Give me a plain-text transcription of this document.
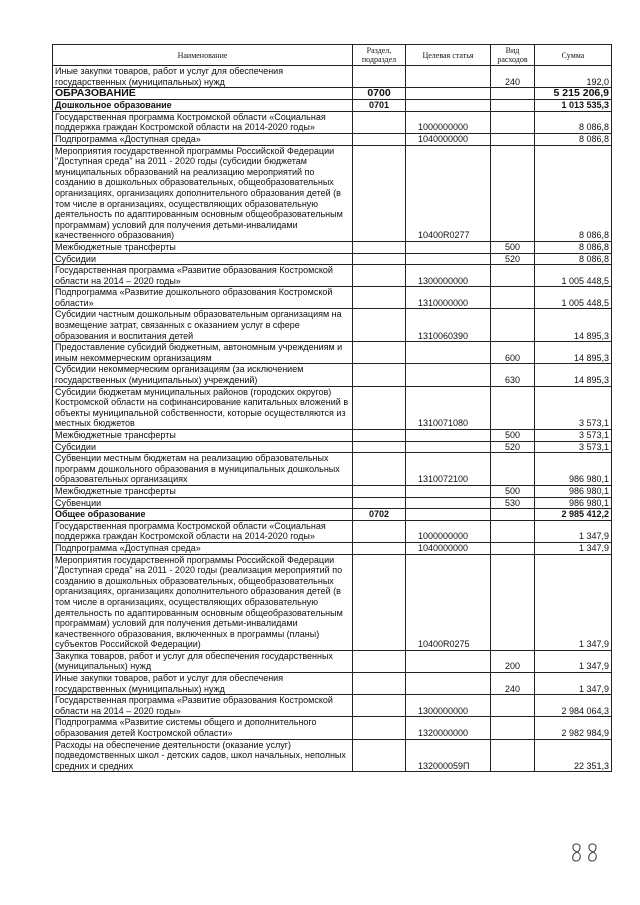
Наименование	Раздел, подраздел	Целевая статья	Вид расходов	Сумма
Иные закупки товаров, работ и услуг для обеспечения государственных (муниципальных) нужд			240	192,0
ОБРАЗОВАНИЕ	0700			5 215 206,9
Дошкольное образование	0701			1 013 535,3
Государственная программа Костромской области «Социальная поддержка граждан Костромской области на 2014-2020 годы»		1000000000		8 086,8
Подпрограмма «Доступная среда»		1040000000		8 086,8
Мероприятия государственной программы Российской Федерации "Доступная среда" на 2011 - 2020 годы (субсидии бюджетам муниципальных образований на реализацию мероприятий по созданию в дошкольных образовательных, общеобразовательных организациях, организациях дополнительного образования детей (в том числе в организациях, осуществляющих образовательную деятельность по адаптированным основным общеобразовательным программам) условий для получения детьми-инвалидами качественного образования)		10400R0277		8 086,8
Межбюджетные трансферты			500	8 086,8
Субсидии			520	8 086,8
Государственная программа «Развитие образования Костромской области на 2014 – 2020 годы»		1300000000		1 005 448,5
Подпрограмма «Развитие дошкольного образования Костромской области»		1310000000		1 005 448,5
Субсидии частным дошкольным образовательным организациям на возмещение затрат, связанных с оказанием услуг в сфере образования и воспитания детей		1310060390		14 895,3
Предоставление субсидий бюджетным, автономным учреждениям и иным некоммерческим организациям			600	14 895,3
Субсидии некоммерческим организациям (за исключением государственных (муниципальных) учреждений)			630	14 895,3
Субсидии бюджетам муниципальных районов (городских округов) Костромской области на софинансирование капитальных вложений в объекты муниципальной собственности, которые осуществляются из местных бюджетов		1310071080		3 573,1
Межбюджетные трансферты			500	3 573,1
Субсидии			520	3 573,1
Субвенции местным бюджетам на реализацию образовательных программ дошкольного образования в муниципальных дошкольных образовательных организациях		1310072100		986 980,1
Межбюджетные трансферты			500	986 980,1
Субвенции			530	986 980,1
Общее образование	0702			2 985 412,2
Государственная программа Костромской области «Социальная поддержка граждан Костромской области на 2014-2020 годы»		1000000000		1 347,9
Подпрограмма «Доступная среда»		1040000000		1 347,9
Мероприятия государственной программы Российской Федерации "Доступная среда" на 2011 - 2020 годы (реализация мероприятий по созданию в дошкольных образовательных, общеобразовательных организациях, организациях дополнительного образования детей (в том числе в организациях, осуществляющих образовательную деятельность по адаптированным основным общеобразовательным программам) условий для получения детьми-инвалидами качественного образования, включенных в программы (планы) субъектов Российской Федерации)		10400R0275		1 347,9
Закупка товаров, работ и услуг для обеспечения государственных (муниципальных) нужд			200	1 347,9
Иные закупки товаров, работ и услуг для обеспечения государственных (муниципальных) нужд			240	1 347,9
Государственная программа «Развитие образования Костромской области на 2014 – 2020 годы»		1300000000		2 984 064,3
Подпрограмма «Развитие системы общего и дополнительного образования детей Костромской области»		1320000000		2 982 984,9
Расходы на обеспечение деятельности (оказание услуг) подведомственных школ - детских садов, школ начальных, неполных средних и средних		132000059П		22 351,3
